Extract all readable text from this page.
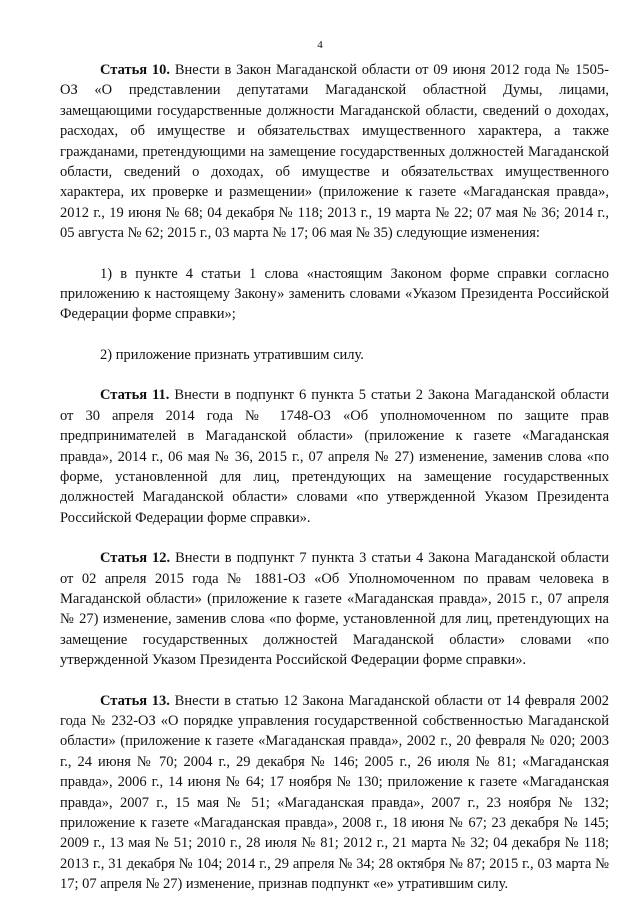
4

Статья 10. Внести в Закон Магаданской области от 09 июня 2012 года № 1505-ОЗ «О представлении депутатами Магаданской областной Думы, лицами, замещающими государственные должности Магаданской области, сведений о доходах, расходах, об имуществе и обязательствах имущественного характера, а также гражданами, претендующими на замещение государственных должностей Магаданской области, сведений о доходах, об имуществе и обязательствах имущественного характера, их проверке и размещении» (приложение к газете «Магаданская правда», 2012 г., 19 июня № 68; 04 декабря № 118; 2013 г., 19 марта № 22; 07 мая № 36; 2014 г., 05 августа № 62; 2015 г., 03 марта № 17; 06 мая № 35) следующие изменения:

1) в пункте 4 статьи 1 слова «настоящим Законом форме справки согласно приложению к настоящему Закону» заменить словами «Указом Президента Российской Федерации форме справки»;

2) приложение признать утратившим силу.

Статья 11. Внести в подпункт 6 пункта 5 статьи 2 Закона Магаданской области от 30 апреля 2014 года № 1748-ОЗ «Об уполномоченном по защите прав предпринимателей в Магаданской области» (приложение к газете «Магаданская правда», 2014 г., 06 мая № 36, 2015 г., 07 апреля № 27) изменение, заменив слова «по форме, установленной для лиц, претендующих на замещение государственных должностей Магаданской области» словами «по утвержденной Указом Президента Российской Федерации форме справки».

Статья 12. Внести в подпункт 7 пункта 3 статьи 4 Закона Магаданской области от 02 апреля 2015 года № 1881-ОЗ «Об Уполномоченном по правам человека в Магаданской области» (приложение к газете «Магаданская правда», 2015 г., 07 апреля № 27) изменение, заменив слова «по форме, установленной для лиц, претендующих на замещение государственных должностей Магаданской области» словами «по утвержденной Указом Президента Российской Федерации форме справки».

Статья 13. Внести в статью 12 Закона Магаданской области от 14 февраля 2002 года № 232-ОЗ «О порядке управления государственной собственностью Магаданской области» (приложение к газете «Магаданская правда», 2002 г., 20 февраля № 020; 2003 г., 24 июня № 70; 2004 г., 29 декабря № 146; 2005 г., 26 июля № 81; «Магаданская правда», 2006 г., 14 июня № 64; 17 ноября № 130; приложение к газете «Магаданская правда», 2007 г., 15 мая № 51; «Магаданская правда», 2007 г., 23 ноября № 132; приложение к газете «Магаданская правда», 2008 г., 18 июня № 67; 23 декабря № 145; 2009 г., 13 мая № 51; 2010 г., 28 июля № 81; 2012 г., 21 марта № 32; 04 декабря № 118; 2013 г., 31 декабря № 104; 2014 г., 29 апреля № 34; 28 октября № 87; 2015 г., 03 марта № 17; 07 апреля № 27) изменение, признав подпункт «е» утратившим силу.
